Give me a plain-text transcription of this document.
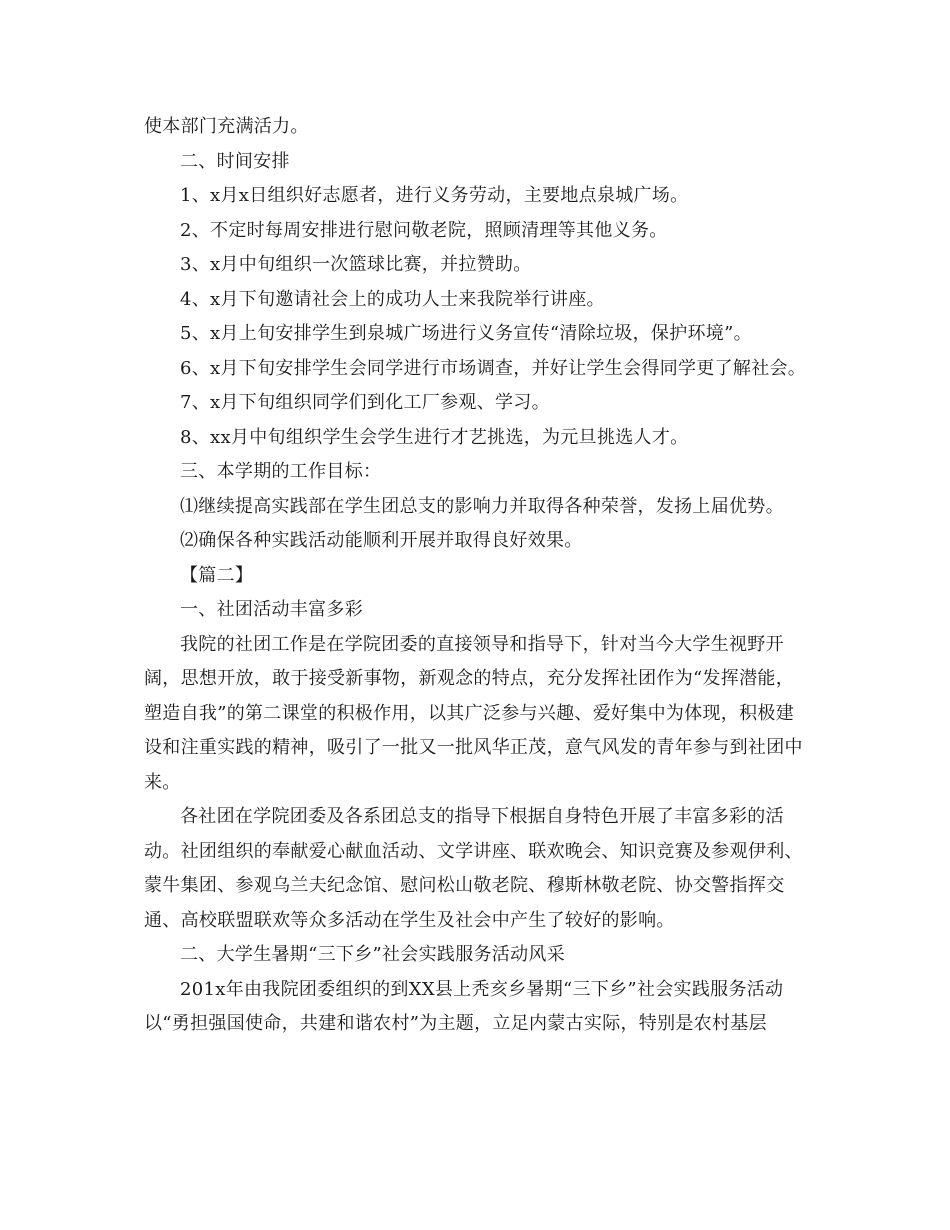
使本部门充满活力。

二、时间安排

1、x月x日组织好志愿者，进行义务劳动，主要地点泉城广场。

2、不定时每周安排进行慰问敬老院，照顾清理等其他义务。

3、x月中旬组织一次篮球比赛，并拉赞助。

4、x月下旬邀请社会上的成功人士来我院举行讲座。

5、x月上旬安排学生到泉城广场进行义务宣传“清除垃圾，保护环境”。

6、x月下旬安排学生会同学进行市场调查，并好让学生会得同学更了解社会。

7、x月下旬组织同学们到化工厂参观、学习。

8、xx月中旬组织学生会学生进行才艺挑选，为元旦挑选人才。

三、本学期的工作目标：

⑴继续提高实践部在学生团总支的影响力并取得各种荣誉，发扬上届优势。

⑵确保各种实践活动能顺利开展并取得良好效果。

【篇二】

一、社团活动丰富多彩

我院的社团工作是在学院团委的直接领导和指导下，针对当今大学生视野开阔，思想开放，敢于接受新事物，新观念的特点，充分发挥社团作为“发挥潜能，塑造自我”的第二课堂的积极作用，以其广泛参与兴趣、爱好集中为体现，积极建设和注重实践的精神，吸引了一批又一批风华正茂，意气风发的青年参与到社团中来。

各社团在学院团委及各系团总支的指导下根据自身特色开展了丰富多彩的活动。社团组织的奉献爱心献血活动、文学讲座、联欢晚会、知识竞赛及参观伊利、蒙牛集团、参观乌兰夫纪念馆、慰问松山敬老院、穆斯林敬老院、协交警指挥交通、高校联盟联欢等众多活动在学生及社会中产生了较好的影响。

二、大学生暑期“三下乡”社会实践服务活动风采

201x年由我院团委组织的到XX县上秃亥乡暑期“三下乡”社会实践服务活动以“勇担强国使命，共建和谐农村”为主题，立足内蒙古实际，特别是农村基层
